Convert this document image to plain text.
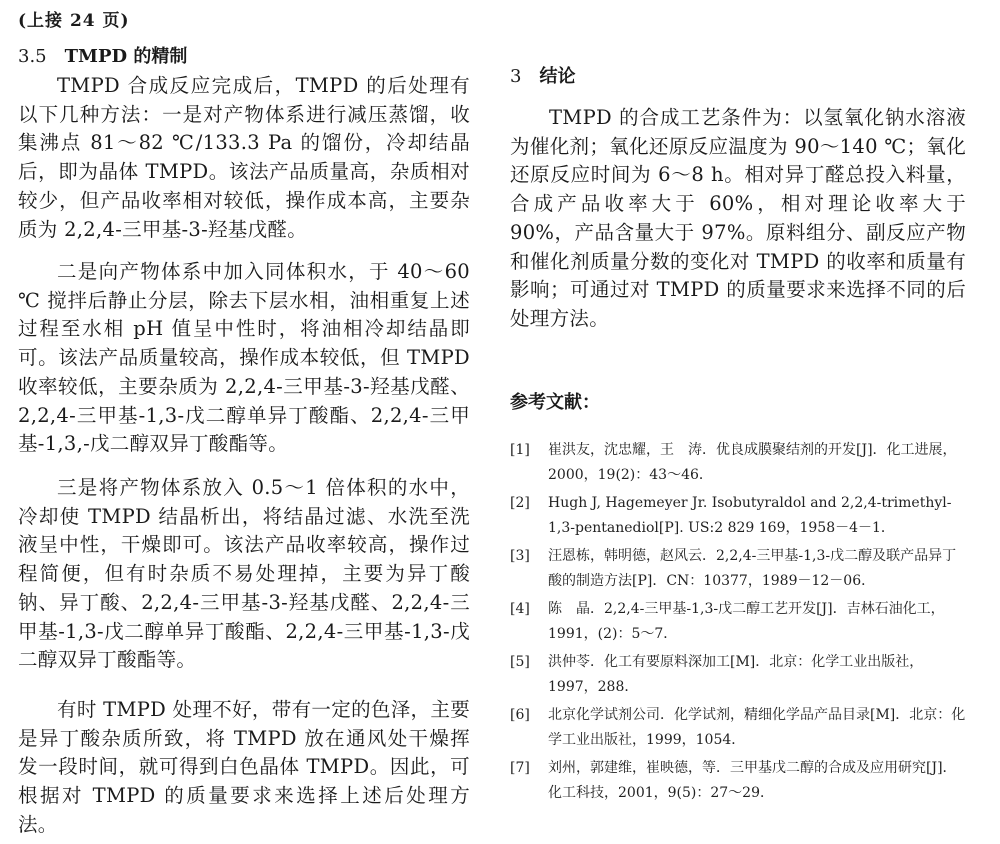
(上接 24 页)
3.5 TMPD 的精制

TMPD 合成反应完成后，TMPD 的后处理有以下几种方法：一是对产物体系进行减压蒸馏，收集沸点 81～82 ℃/133.3 Pa 的馏份，冷却结晶后，即为晶体 TMPD。该法产品质量高，杂质相对较少，但产品收率相对较低，操作成本高，主要杂质为 2,2,4-三甲基-3-羟基戊醛。

二是向产物体系中加入同体积水，于 40～60 ℃ 搅拌后静止分层，除去下层水相，油相重复上述过程至水相 pH 值呈中性时，将油相冷却结晶即可。该法产品质量较高，操作成本较低，但 TMPD 收率较低，主要杂质为 2,2,4-三甲基-3-羟基戊醛、2,2,4-三甲基-1,3-戊二醇单异丁酸酯、2,2,4-三甲基-1,3,-戊二醇双异丁酸酯等。

三是将产物体系放入 0.5～1 倍体积的水中，冷却使 TMPD 结晶析出，将结晶过滤、水洗至洗液呈中性，干燥即可。该法产品收率较高，操作过程简便，但有时杂质不易处理掉，主要为异丁酸钠、异丁酸、2,2,4-三甲基-3-羟基戊醛、2,2,4-三甲基-1,3-戊二醇单异丁酸酯、2,2,4-三甲基-1,3-戊二醇双异丁酸酯等。

有时 TMPD 处理不好，带有一定的色泽，主要是异丁酸杂质所致，将 TMPD 放在通风处干燥挥发一段时间，就可得到白色晶体 TMPD。因此，可根据对 TMPD 的质量要求来选择上述后处理方法。

3 结论

TMPD 的合成工艺条件为：以氢氧化钠水溶液为催化剂；氧化还原反应温度为 90～140 ℃；氧化还原反应时间为 6～8 h。相对异丁醛总投入料量，合成产品收率大于 60%，相对理论收率大于 90%，产品含量大于 97%。原料组分、副反应产物和催化剂质量分数的变化对 TMPD 的收率和质量有影响；可通过对 TMPD 的质量要求来选择不同的后处理方法。

参考文献：
[1]	崔洪友，沈忠耀，王　涛．优良成膜聚结剂的开发[J]．化工进展，2000，19(2)：43～46．
[2]	Hugh J, Hagemeyer Jr. Isobutyraldol and 2,2,4-trimethyl-1,3-pentanediol[P]. US:2 829 169，1958－4－1．
[3]	汪恩栋，韩明德，赵风云．2,2,4-三甲基-1,3-戊二醇及联产品异丁酸的制造方法[P]．CN：10377，1989－12－06．
[4]	陈　晶．2,2,4-三甲基-1,3-戊二醇工艺开发[J]．吉林石油化工，1991，(2)：5～7．
[5]	洪仲苓．化工有要原料深加工[M]．北京：化学工业出版社，1997，288．
[6]	北京化学试剂公司．化学试剂，精细化学品产品目录[M]．北京：化学工业出版社，1999，1054．
[7]	刘州，郭建维，崔映德，等．三甲基戊二醇的合成及应用研究[J]．化工科技，2001，9(5)：27～29．
